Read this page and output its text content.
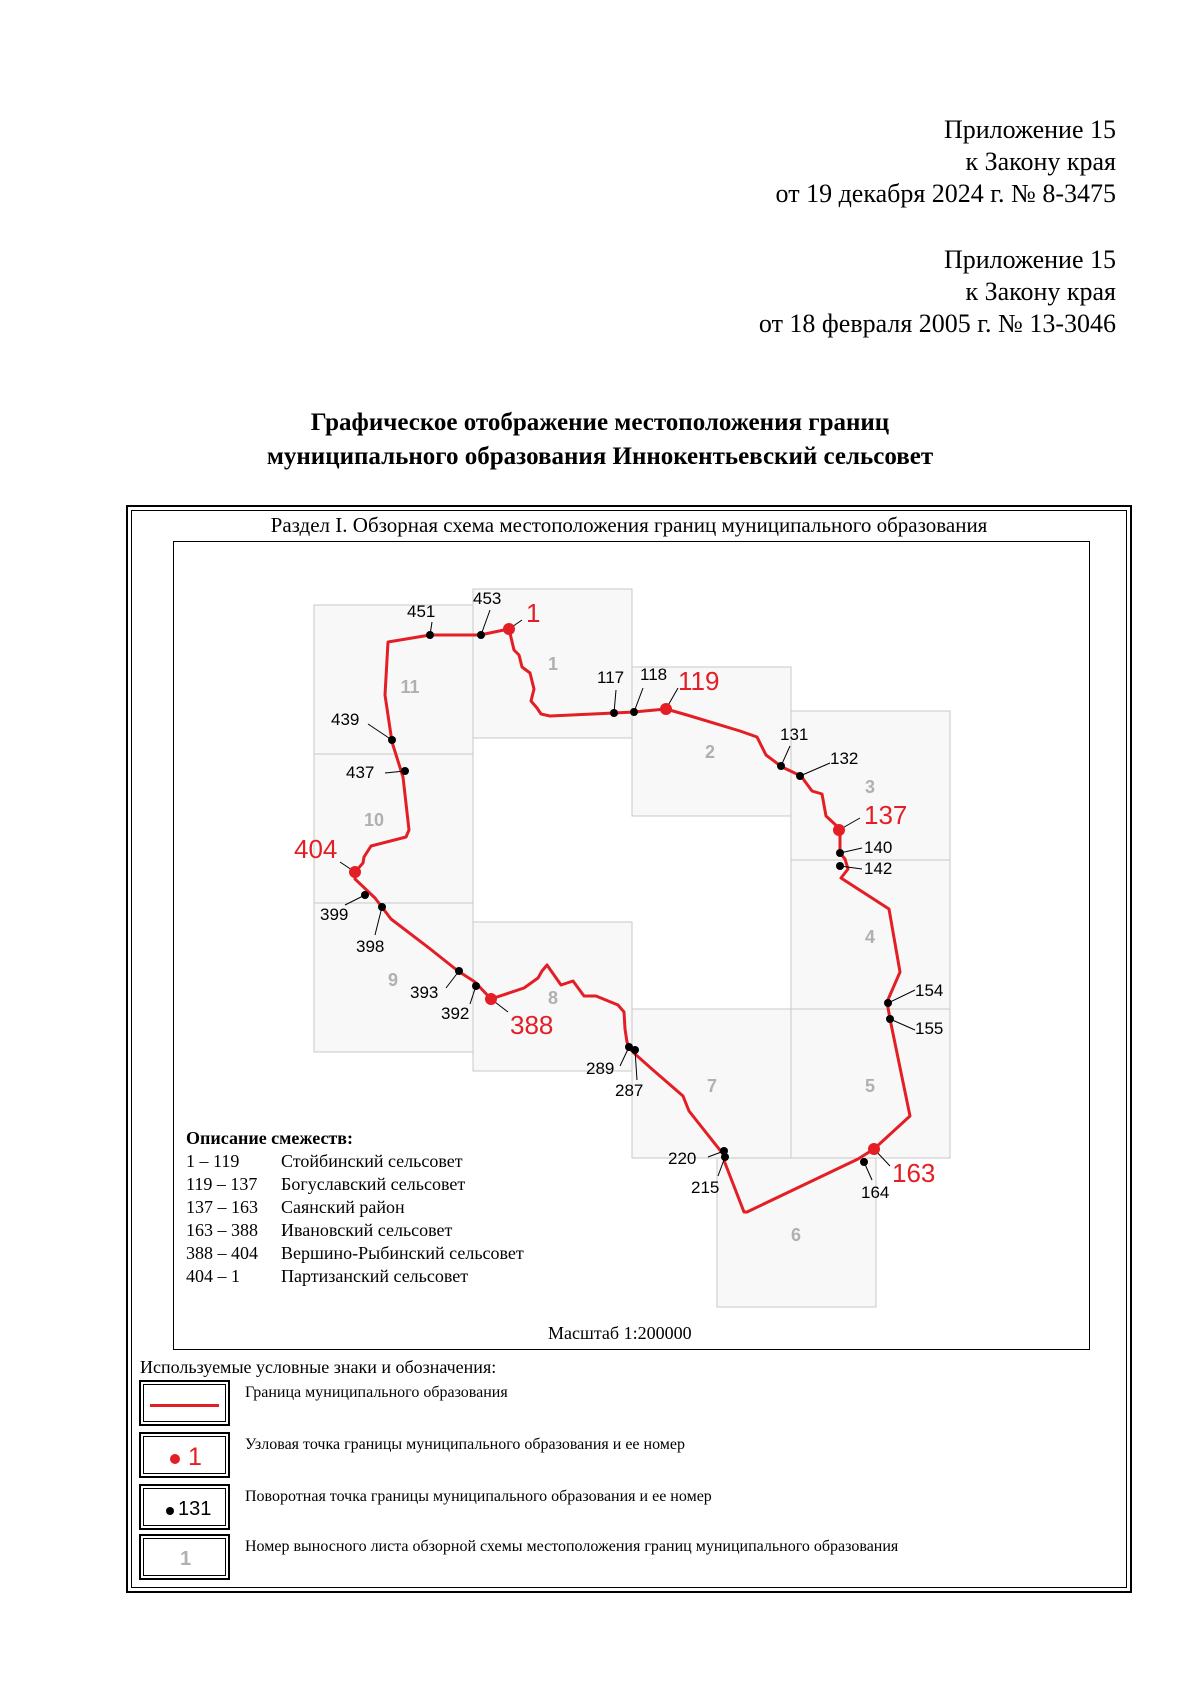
Приложение 15
к Закону края
от 19 декабря 2024 г. № 8-3475
Приложение 15
к Закону края
от 18 февраля 2005 г. № 13-3046
Графическое отображение местоположения границ
муниципального образования Иннокентьевский сельсовет
Раздел I. Обзорная схема местоположения границ муниципального образования
1
2
3
4
5
6
7
8
9
10
11
1
119
137
163
388
404
451
453
117 118
131
132
140
142
154
155
164
220
215
289
287
393
392
399
398
439
437
Описание смежеств:
1 – 119 Стойбинский сельсовет
119 – 137 Богуславский сельсовет
137 – 163 Саянский район
163 – 388 Ивановский сельсовет
388 – 404 Вершино-Рыбинский сельсовет
404 – 1 Партизанский сельсовет
Масштаб 1:200000
Используемые условные знаки и обозначения:
Граница муниципального образования
1	Узловая точка границы муниципального образования и ее номер
131
Поворотная точка границы муниципального образования и ее номер
1
Номер выносного листа обзорной схемы местоположения границ муниципального образования
